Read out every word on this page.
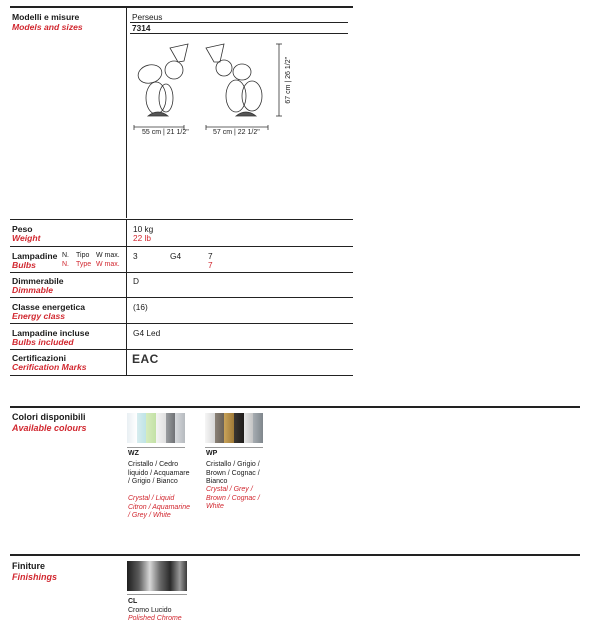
Modelli e misure
Models and sizes
Perseus
7314
55 cm | 21 1/2"	57 cm | 22 1/2"
67 cm | 26 1/2"
Peso
Weight
10 kg
22 lb
Lampadine
Bulbs
N. Tipo W max.
N. Type W max.
3	G4	7
7
Dimmerabile
Dimmable
D
Classe energetica
Energy class
(16)
Lampadine incluse
Bulbs included
G4 Led
Certificazioni
Cerification Marks
EAC
Colori disponibili
Available colours
WZ
Cristallo / Cedro liquido / Acquamare / Grigio / Bianco
Crystal / Liquid Citron / Aquamarine / Grey / White
WP
Cristallo / Grigio / Brown / Cognac / Bianco
Crystal / Grey / Brown / Cognac / White
Finiture
Finishings
CL
Cromo Lucido
Polished Chrome
